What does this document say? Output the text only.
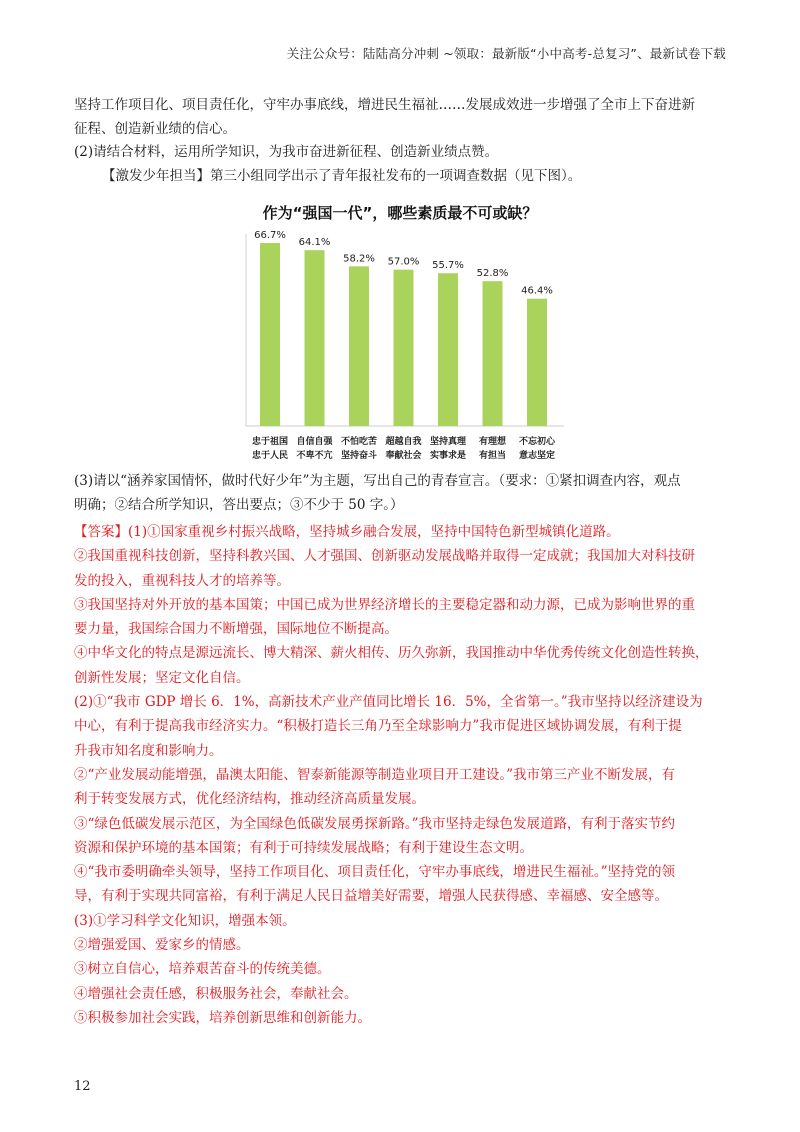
关注公众号：陆陆高分冲刺 ~领取：最新版“小中高考-总复习”、最新试卷下载

坚持工作项目化、项目责任化，守牢办事底线，增进民生福祉……发展成效进一步增强了全市上下奋进新

征程、创造新业绩的信心。

(2)请结合材料，运用所学知识，为我市奋进新征程、创造新业绩点赞。

【激发少年担当】第三小组同学出示了青年报社发布的一项调查数据（见下图）。

作为“强国一代”，哪些素质最不可或缺？
66.7%
忠于祖国
忠于人民
64.1%
自信自强
不卑不亢
58.2%
不怕吃苦
坚持奋斗
57.0%
超越自我
奉献社会
55.7%
坚持真理
实事求是
52.8%
有理想
有担当
46.4%
不忘初心
意志坚定

(3)请以“涵养家国情怀，做时代好少年”为主题，写出自己的青春宣言。（要求：①紧扣调查内容，观点

明确；②结合所学知识，答出要点；③不少于 50 字。）

【答案】(1)①国家重视乡村振兴战略，坚持城乡融合发展，坚持中国特色新型城镇化道路。

②我国重视科技创新，坚持科教兴国、人才强国、创新驱动发展战略并取得一定成就；我国加大对科技研

发的投入，重视科技人才的培养等。

③我国坚持对外开放的基本国策；中国已成为世界经济增长的主要稳定器和动力源，已成为影响世界的重

要力量，我国综合国力不断增强，国际地位不断提高。

④中华文化的特点是源远流长、博大精深、薪火相传、历久弥新，我国推动中华优秀传统文化创造性转换，

创新性发展；坚定文化自信。

(2)①“我市 GDP 增长 6．1%，高新技术产业产值同比增长 16．5%，全省第一。”我市坚持以经济建设为

中心，有利于提高我市经济实力。“积极打造长三角乃至全球影响力”我市促进区域协调发展，有利于提

升我市知名度和影响力。

②“产业发展动能增强，晶澳太阳能、智泰新能源等制造业项目开工建设。”我市第三产业不断发展，有

利于转变发展方式，优化经济结构，推动经济高质量发展。

③“绿色低碳发展示范区，为全国绿色低碳发展勇探新路。”我市坚持走绿色发展道路，有利于落实节约

资源和保护环境的基本国策；有利于可持续发展战略；有利于建设生态文明。

④“我市委明确牵头领导，坚持工作项目化、项目责任化，守牢办事底线，增进民生福祉。”坚持党的领

导，有利于实现共同富裕，有利于满足人民日益增美好需要，增强人民获得感、幸福感、安全感等。

(3)①学习科学文化知识，增强本领。

②增强爱国、爱家乡的情感。

③树立自信心，培养艰苦奋斗的传统美德。

④增强社会责任感，积极服务社会，奉献社会。

⑤积极参加社会实践，培养创新思维和创新能力。

12
